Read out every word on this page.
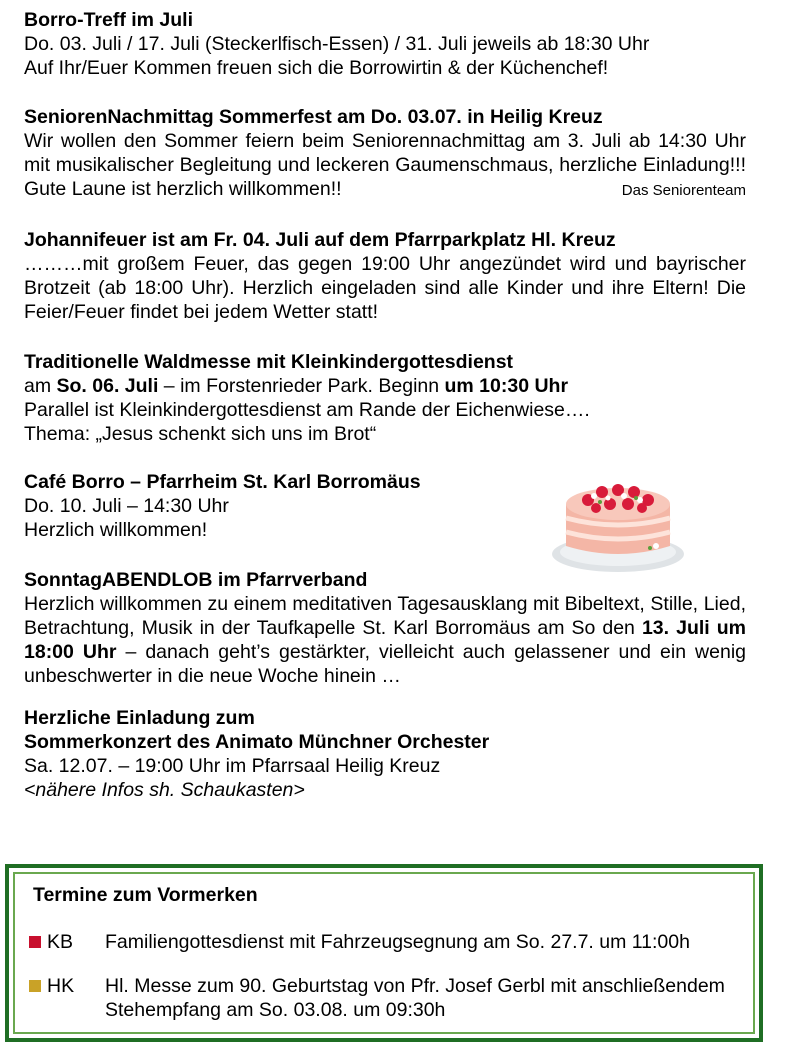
Borro-Treff im Juli

Do. 03. Juli / 17. Juli (Steckerlfisch-Essen) / 31. Juli jeweils ab 18:30 Uhr

Auf Ihr/Euer Kommen freuen sich die Borrowirtin & der Küchenchef!

SeniorenNachmittag Sommerfest am Do. 03.07. in Heilig Kreuz

Wir wollen den Sommer feiern beim Seniorennachmittag am 3. Juli ab 14:30 Uhr mit musikalischer Begleitung und leckeren Gaumenschmaus, herzliche Einladung!!! Gute Laune ist herzlich willkommen!!	Das Seniorenteam

Johannifeuer ist am Fr. 04. Juli auf dem Pfarrparkplatz Hl. Kreuz

………mit großem Feuer, das gegen 19:00 Uhr angezündet wird und bayrischer Brotzeit (ab 18:00 Uhr). Herzlich eingeladen sind alle Kinder und ihre Eltern! Die Feier/Feuer findet bei jedem Wetter statt!

Traditionelle Waldmesse mit Kleinkindergottesdienst

am So. 06. Juli – im Forstenrieder Park. Beginn um 10:30 Uhr

Parallel ist Kleinkindergottesdienst am Rande der Eichenwiese….

Thema: „Jesus schenkt sich uns im Brot“

Café Borro – Pfarrheim St. Karl Borromäus

Do. 10. Juli – 14:30 Uhr

Herzlich willkommen!

SonntagABENDLOB im Pfarrverband

Herzlich willkommen zu einem meditativen Tagesausklang mit Bibeltext, Stille, Lied, Betrachtung, Musik in der Taufkapelle St. Karl Borromäus am So den 13. Juli um 18:00 Uhr – danach geht’s gestärkter, vielleicht auch gelassener und ein wenig unbeschwerter in die neue Woche hinein …

Herzliche Einladung zum

Sommerkonzert des Animato Münchner Orchester

Sa. 12.07. – 19:00 Uhr im Pfarrsaal Heilig Kreuz

<nähere Infos sh. Schaukasten>

Termine zum Vormerken
KB Familiengottesdienst mit Fahrzeugsegnung am So. 27.7. um 11:00h
HK Hl. Messe zum 90. Geburtstag von Pfr. Josef Gerbl mit anschließendem Stehempfang am So. 03.08. um 09:30h
